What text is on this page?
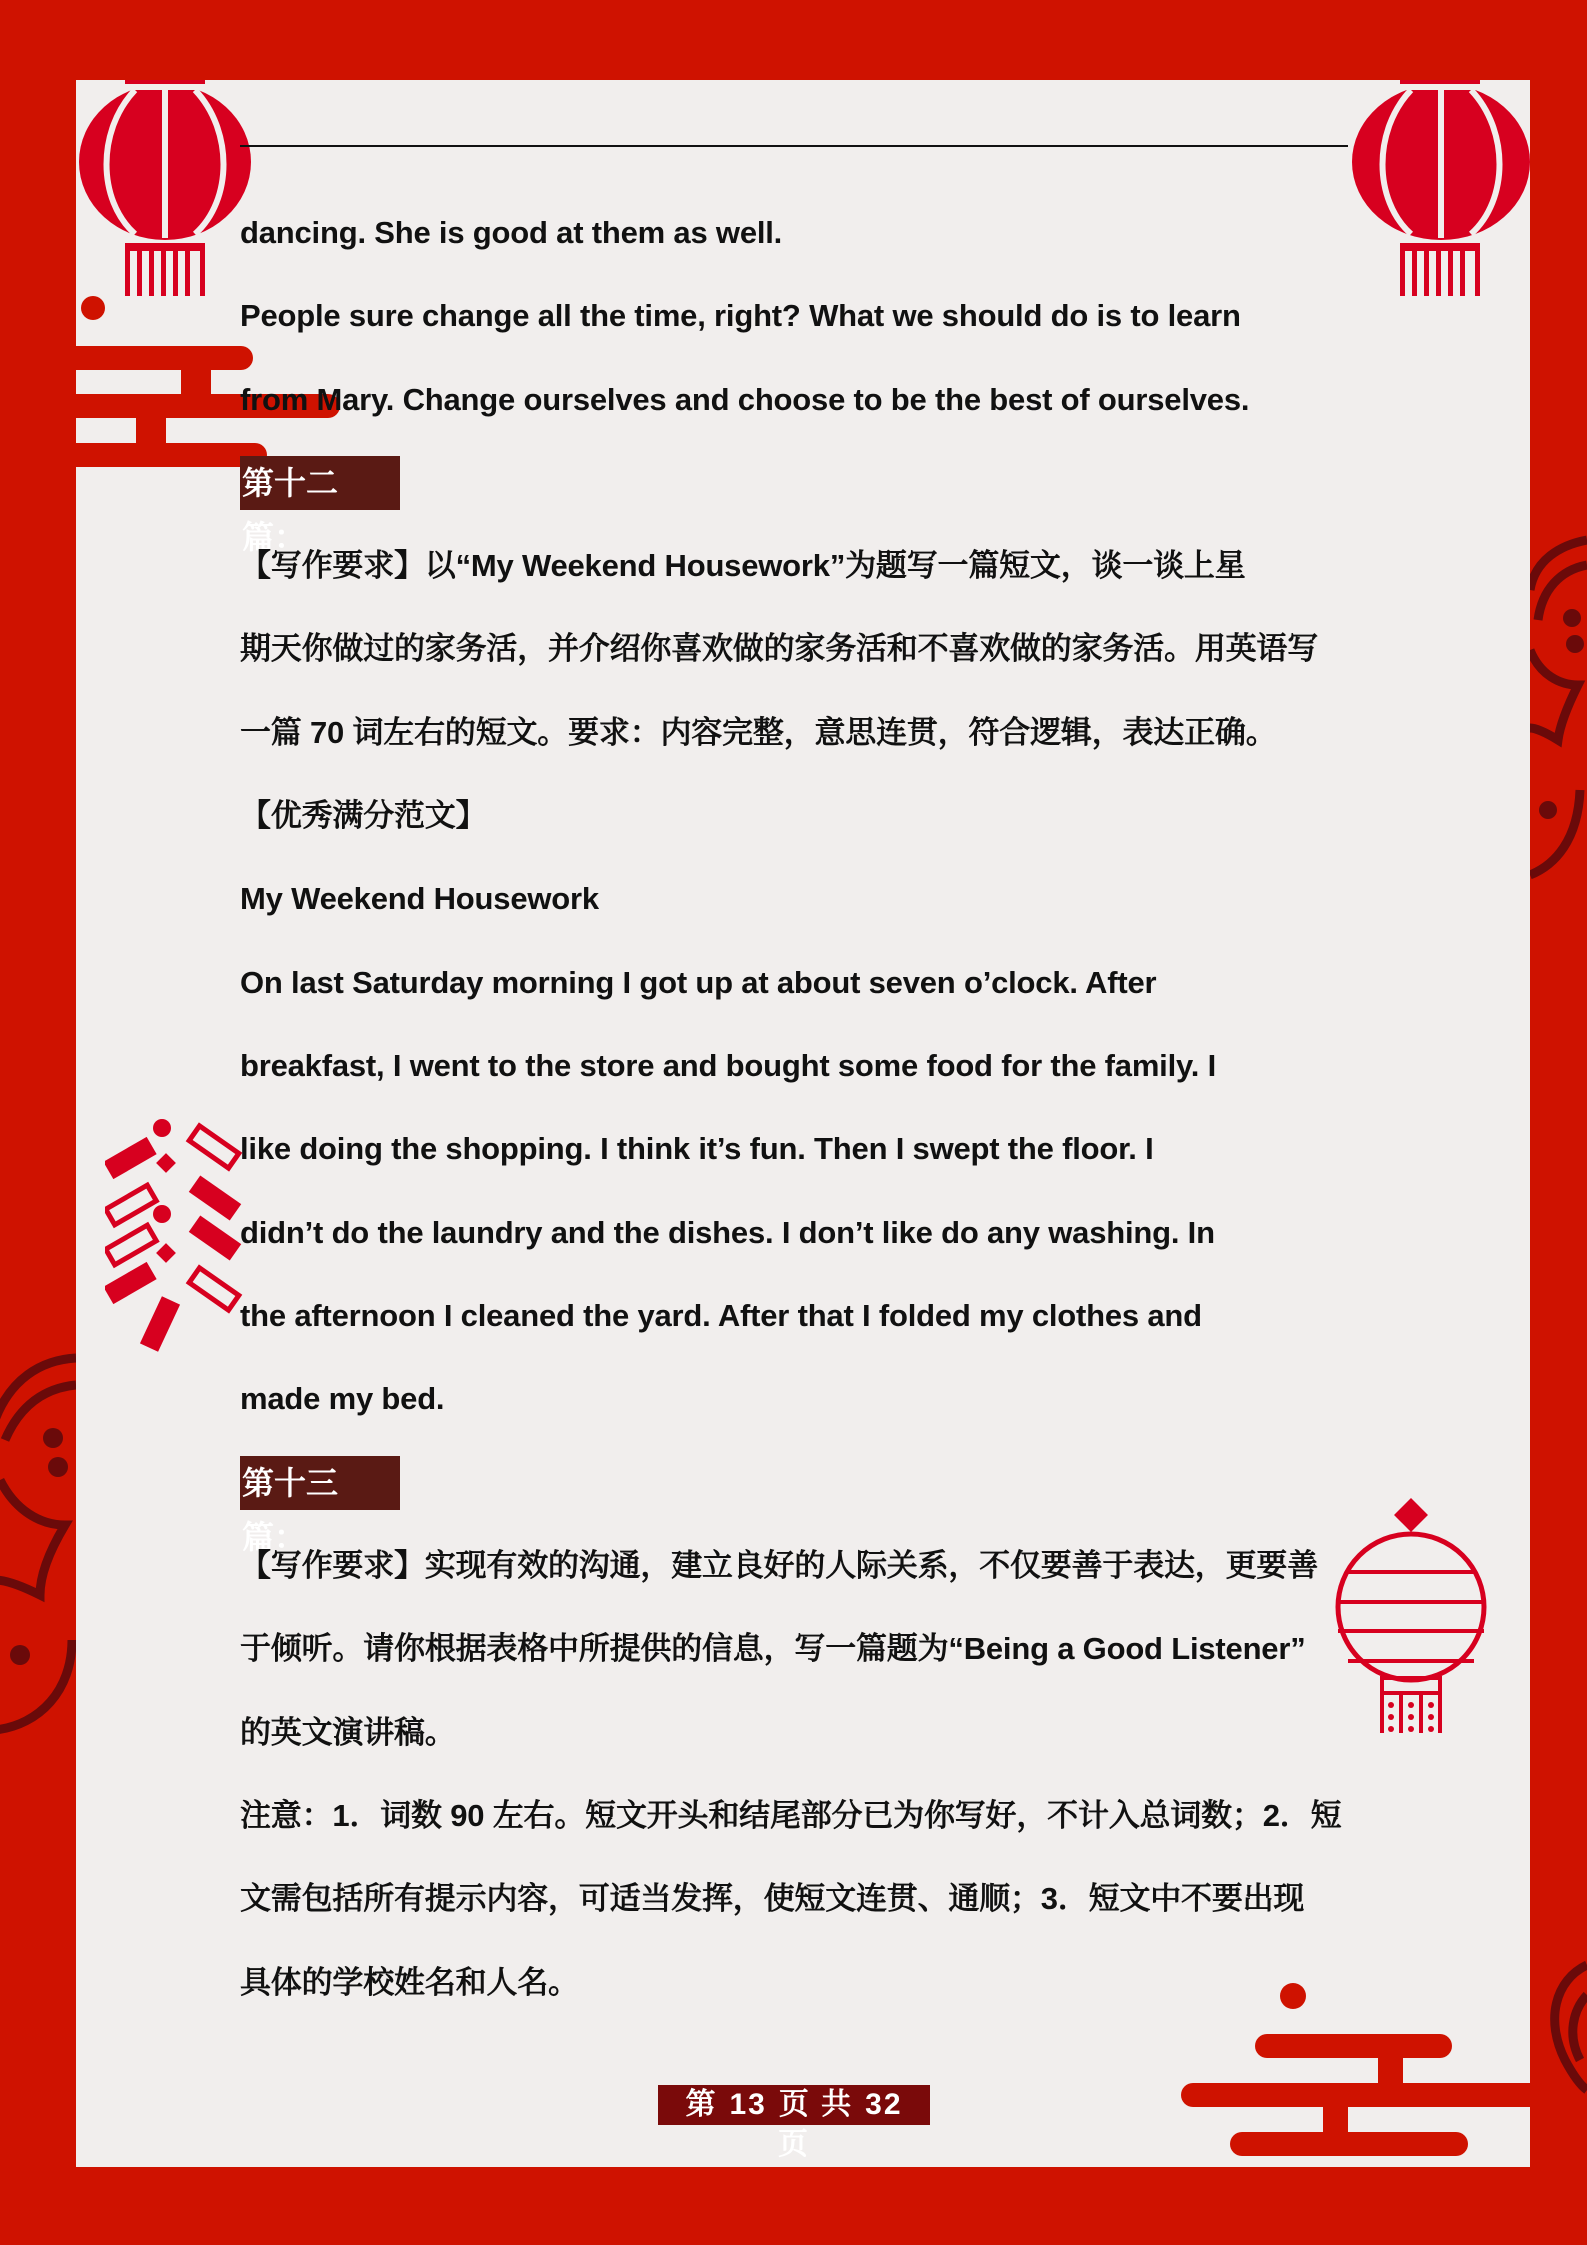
dancing. She is good at them as well.
People sure change all the time, right? What we should do is to learn
from Mary. Change ourselves and choose to be the best of ourselves.
第十二篇：
【写作要求】以“My Weekend Housework”为题写一篇短文，谈一谈上星
期天你做过的家务活，并介绍你喜欢做的家务活和不喜欢做的家务活。用英语写
一篇 70 词左右的短文。要求：内容完整，意思连贯，符合逻辑，表达正确。
【优秀满分范文】
My Weekend Housework
On last Saturday morning I got up at about seven o’clock. After
breakfast, I went to the store and bought some food for the family. I
like doing the shopping. I think it’s fun. Then I swept the floor. I
didn’t do the laundry and the dishes. I don’t like do any washing. In
the afternoon I cleaned the yard. After that I folded my clothes and
made my bed.
第十三篇：
【写作要求】实现有效的沟通，建立良好的人际关系，不仅要善于表达，更要善
于倾听。请你根据表格中所提供的信息，写一篇题为“Being a Good Listener”
的英文演讲稿。
注意：1．词数 90 左右。短文开头和结尾部分已为你写好，不计入总词数；2．短
文需包括所有提示内容，可适当发挥，使短文连贯、通顺；3．短文中不要出现
具体的学校姓名和人名。
第 13 页 共 32页
